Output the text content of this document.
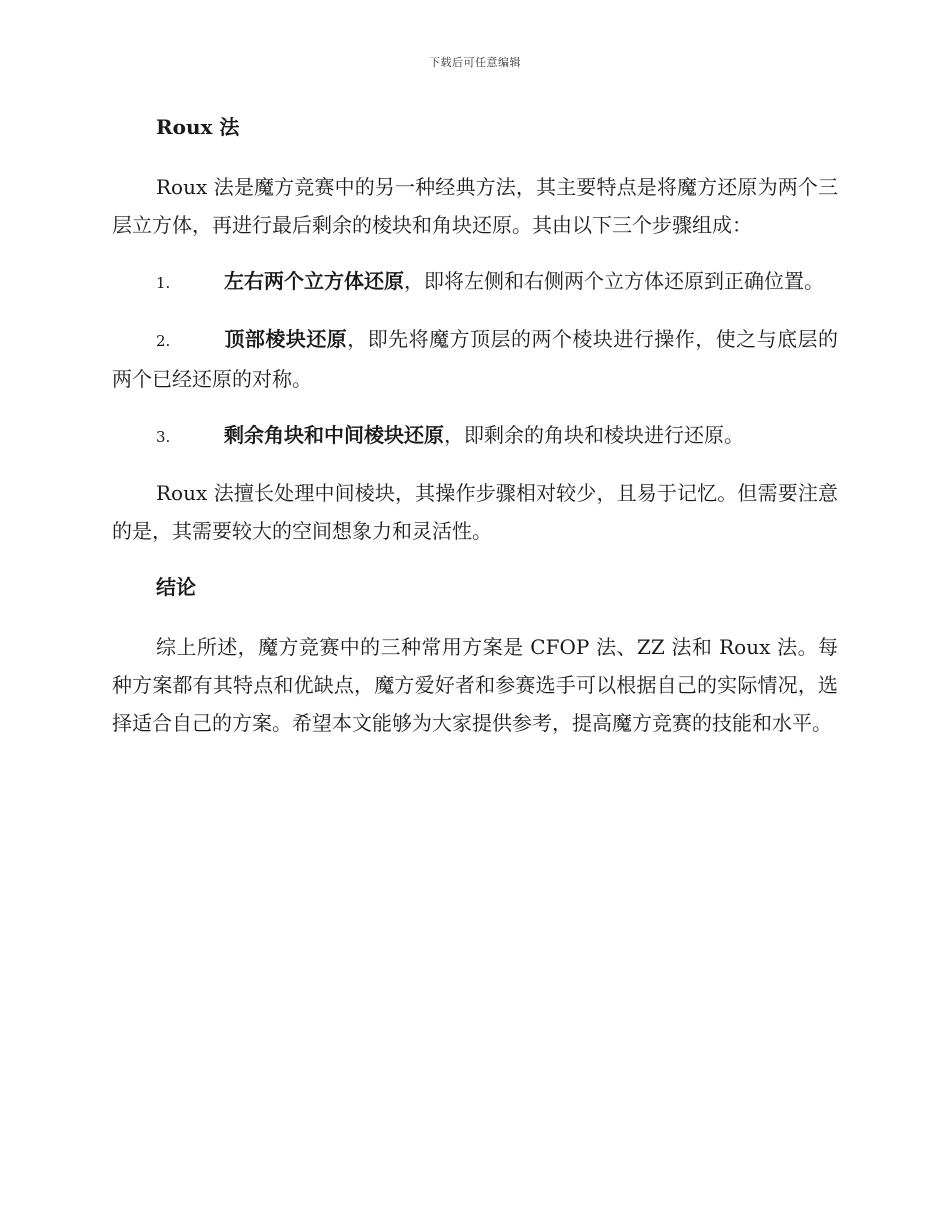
下载后可任意编辑
Roux 法

Roux 法是魔方竞赛中的另一种经典方法，其主要特点是将魔方还原为两个三层立方体，再进行最后剩余的棱块和角块还原。其由以下三个步骤组成：

1.	左右两个立方体还原，即将左侧和右侧两个立方体还原到正确位置。

2.	顶部棱块还原，即先将魔方顶层的两个棱块进行操作，使之与底层的两个已经还原的对称。

3.	剩余角块和中间棱块还原，即剩余的角块和棱块进行还原。

Roux 法擅长处理中间棱块，其操作步骤相对较少，且易于记忆。但需要注意的是，其需要较大的空间想象力和灵活性。

结论

综上所述，魔方竞赛中的三种常用方案是 CFOP 法、ZZ 法和 Roux 法。每种方案都有其特点和优缺点，魔方爱好者和参赛选手可以根据自己的实际情况，选择适合自己的方案。希望本文能够为大家提供参考，提高魔方竞赛的技能和水平。
